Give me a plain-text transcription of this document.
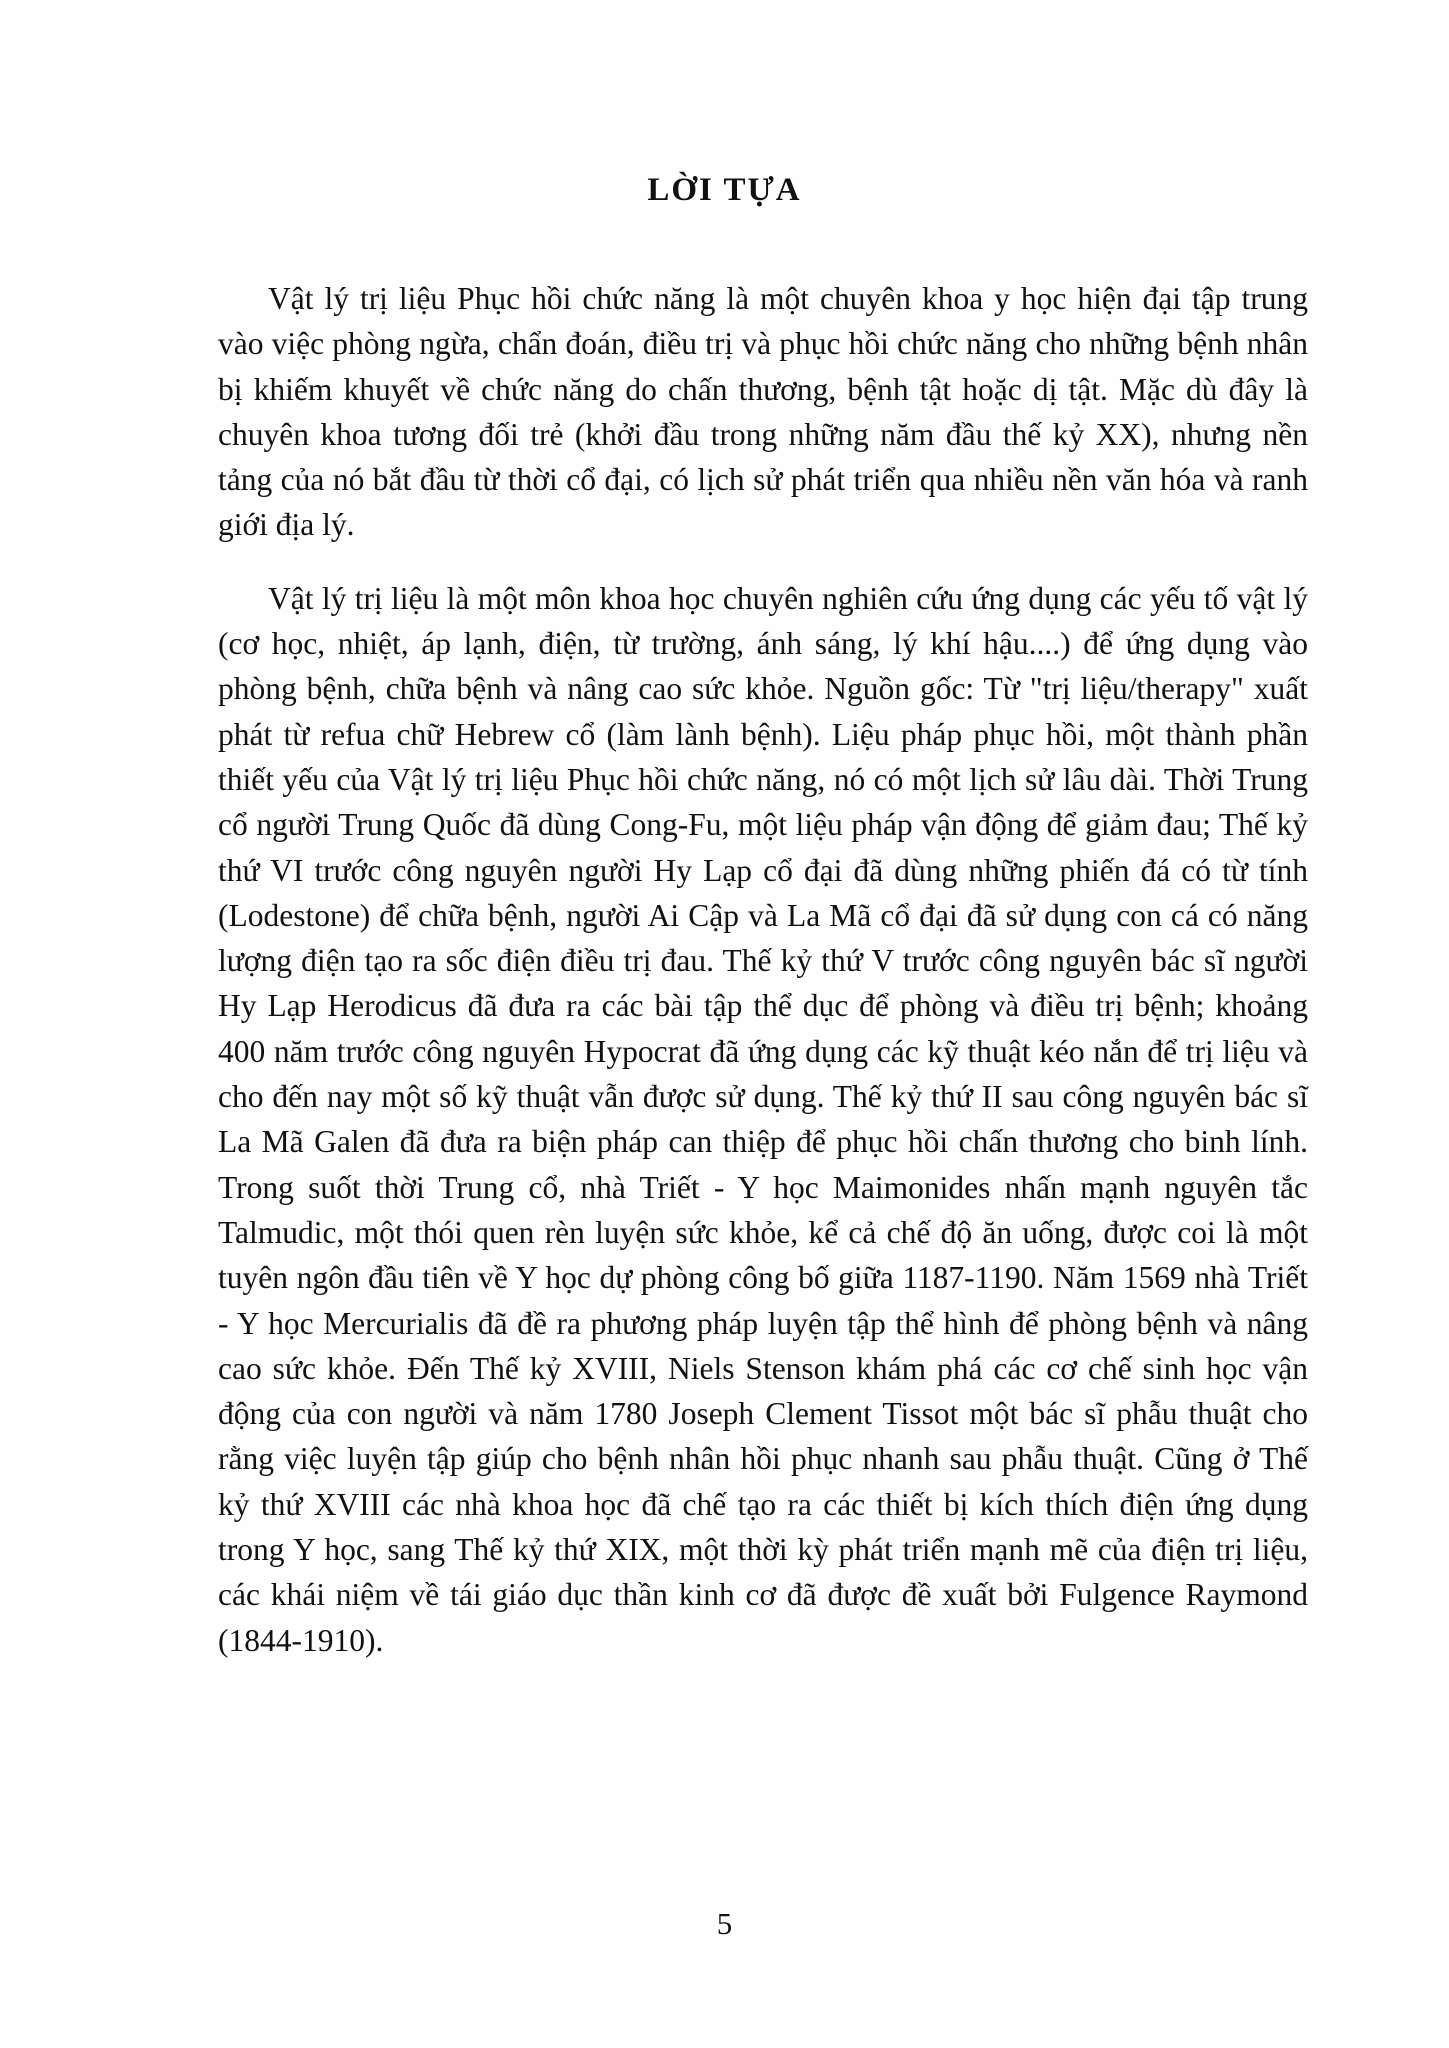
LỜI TỰA

Vật lý trị liệu Phục hồi chức năng là một chuyên khoa y học hiện đại tập trung vào việc phòng ngừa, chẩn đoán, điều trị và phục hồi chức năng cho những bệnh nhân bị khiếm khuyết về chức năng do chấn thương, bệnh tật hoặc dị tật. Mặc dù đây là chuyên khoa tương đối trẻ (khởi đầu trong những năm đầu thế kỷ XX), nhưng nền tảng của nó bắt đầu từ thời cổ đại, có lịch sử phát triển qua nhiều nền văn hóa và ranh giới địa lý.

Vật lý trị liệu là một môn khoa học chuyên nghiên cứu ứng dụng các yếu tố vật lý (cơ học, nhiệt, áp lạnh, điện, từ trường, ánh sáng, lý khí hậu....) để ứng dụng vào phòng bệnh, chữa bệnh và nâng cao sức khỏe. Nguồn gốc: Từ "trị liệu/therapy" xuất phát từ refua chữ Hebrew cổ (làm lành bệnh). Liệu pháp phục hồi, một thành phần thiết yếu của Vật lý trị liệu Phục hồi chức năng, nó có một lịch sử lâu dài. Thời Trung cổ người Trung Quốc đã dùng Cong-Fu, một liệu pháp vận động để giảm đau; Thế kỷ thứ VI trước công nguyên người Hy Lạp cổ đại đã dùng những phiến đá có từ tính (Lodestone) để chữa bệnh, người Ai Cập và La Mã cổ đại đã sử dụng con cá có năng lượng điện tạo ra sốc điện điều trị đau. Thế kỷ thứ V trước công nguyên bác sĩ người Hy Lạp Herodicus đã đưa ra các bài tập thể dục để phòng và điều trị bệnh; khoảng 400 năm trước công nguyên Hypocrat đã ứng dụng các kỹ thuật kéo nắn để trị liệu và cho đến nay một số kỹ thuật vẫn được sử dụng. Thế kỷ thứ II sau công nguyên bác sĩ La Mã Galen đã đưa ra biện pháp can thiệp để phục hồi chấn thương cho binh lính. Trong suốt thời Trung cổ, nhà Triết - Y học Maimonides nhấn mạnh nguyên tắc Talmudic, một thói quen rèn luyện sức khỏe, kể cả chế độ ăn uống, được coi là một tuyên ngôn đầu tiên về Y học dự phòng công bố giữa 1187-1190. Năm 1569 nhà Triết - Y học Mercurialis đã đề ra phương pháp luyện tập thể hình để phòng bệnh và nâng cao sức khỏe. Đến Thế kỷ XVIII, Niels Stenson khám phá các cơ chế sinh học vận động của con người và năm 1780 Joseph Clement Tissot một bác sĩ phẫu thuật cho rằng việc luyện tập giúp cho bệnh nhân hồi phục nhanh sau phẫu thuật. Cũng ở Thế kỷ thứ XVIII các nhà khoa học đã chế tạo ra các thiết bị kích thích điện ứng dụng trong Y học, sang Thế kỷ thứ XIX, một thời kỳ phát triển mạnh mẽ của điện trị liệu, các khái niệm về tái giáo dục thần kinh cơ đã được đề xuất bởi Fulgence Raymond (1844-1910).

5
